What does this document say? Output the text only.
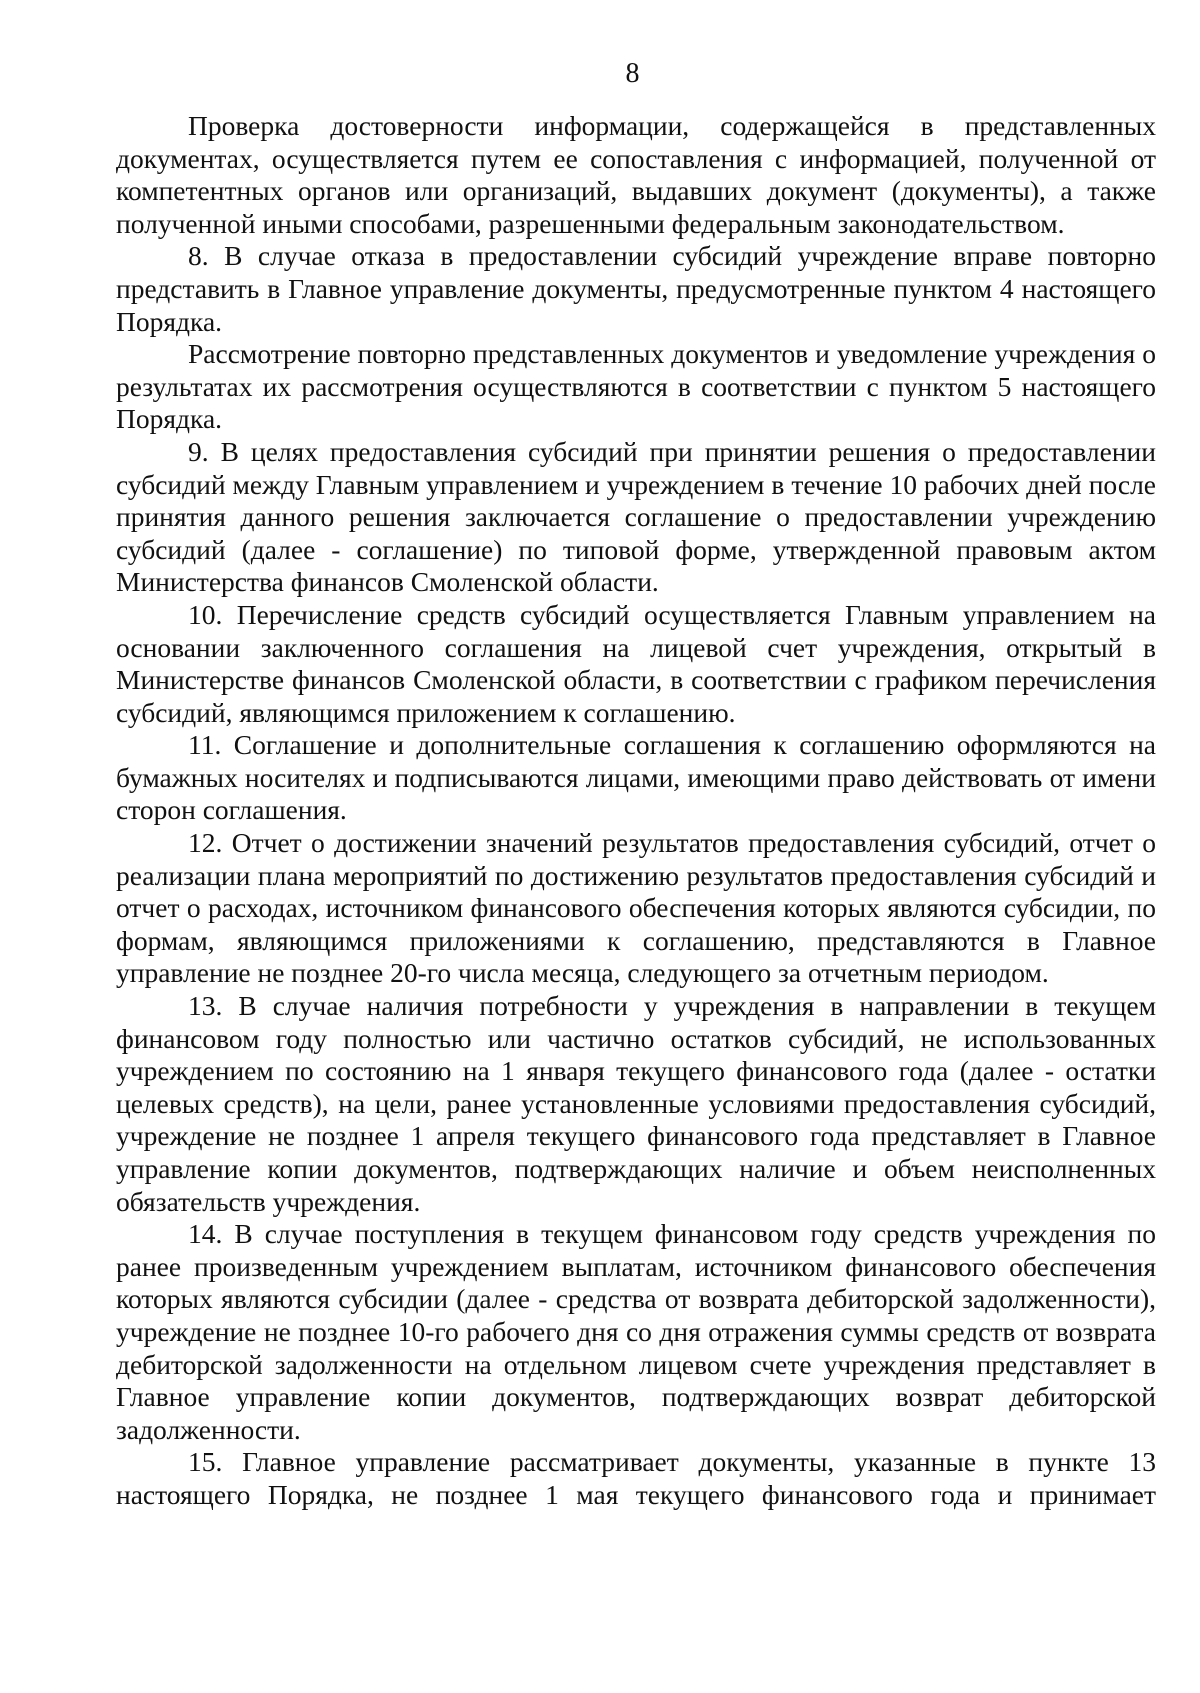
8

Проверка достоверности информации, содержащейся в представленных документах, осуществляется путем ее сопоставления с информацией, полученной от компетентных органов или организаций, выдавших документ (документы), а также полученной иными способами, разрешенными федеральным законодательством.

8. В случае отказа в предоставлении субсидий учреждение вправе повторно представить в Главное управление документы, предусмотренные пунктом 4 настоящего Порядка.

Рассмотрение повторно представленных документов и уведомление учреждения о результатах их рассмотрения осуществляются в соответствии с пунктом 5 настоящего Порядка.

9. В целях предоставления субсидий при принятии решения о предоставлении субсидий между Главным управлением и учреждением в течение 10 рабочих дней после принятия данного решения заключается соглашение о предоставлении учреждению субсидий (далее - соглашение) по типовой форме, утвержденной правовым актом Министерства финансов Смоленской области.

10. Перечисление средств субсидий осуществляется Главным управлением на основании заключенного соглашения на лицевой счет учреждения, открытый в Министерстве финансов Смоленской области, в соответствии с графиком перечисления субсидий, являющимся приложением к соглашению.

11. Соглашение и дополнительные соглашения к соглашению оформляются на бумажных носителях и подписываются лицами, имеющими право действовать от имени сторон соглашения.

12. Отчет о достижении значений результатов предоставления субсидий, отчет о реализации плана мероприятий по достижению результатов предоставления субсидий и отчет о расходах, источником финансового обеспечения которых являются субсидии, по формам, являющимся приложениями к соглашению, представляются в Главное управление не позднее 20-го числа месяца, следующего за отчетным периодом.

13. В случае наличия потребности у учреждения в направлении в текущем финансовом году полностью или частично остатков субсидий, не использованных учреждением по состоянию на 1 января текущего финансового года (далее - остатки целевых средств), на цели, ранее установленные условиями предоставления субсидий, учреждение не позднее 1 апреля текущего финансового года представляет в Главное управление копии документов, подтверждающих наличие и объем неисполненных обязательств учреждения.

14. В случае поступления в текущем финансовом году средств учреждения по ранее произведенным учреждением выплатам, источником финансового обеспечения которых являются субсидии (далее - средства от возврата дебиторской задолженности), учреждение не позднее 10-го рабочего дня со дня отражения суммы средств от возврата дебиторской задолженности на отдельном лицевом счете учреждения представляет в Главное управление копии документов, подтверждающих возврат дебиторской задолженности.

15. Главное управление рассматривает документы, указанные в пункте 13 настоящего Порядка, не позднее 1 мая текущего финансового года и принимает
